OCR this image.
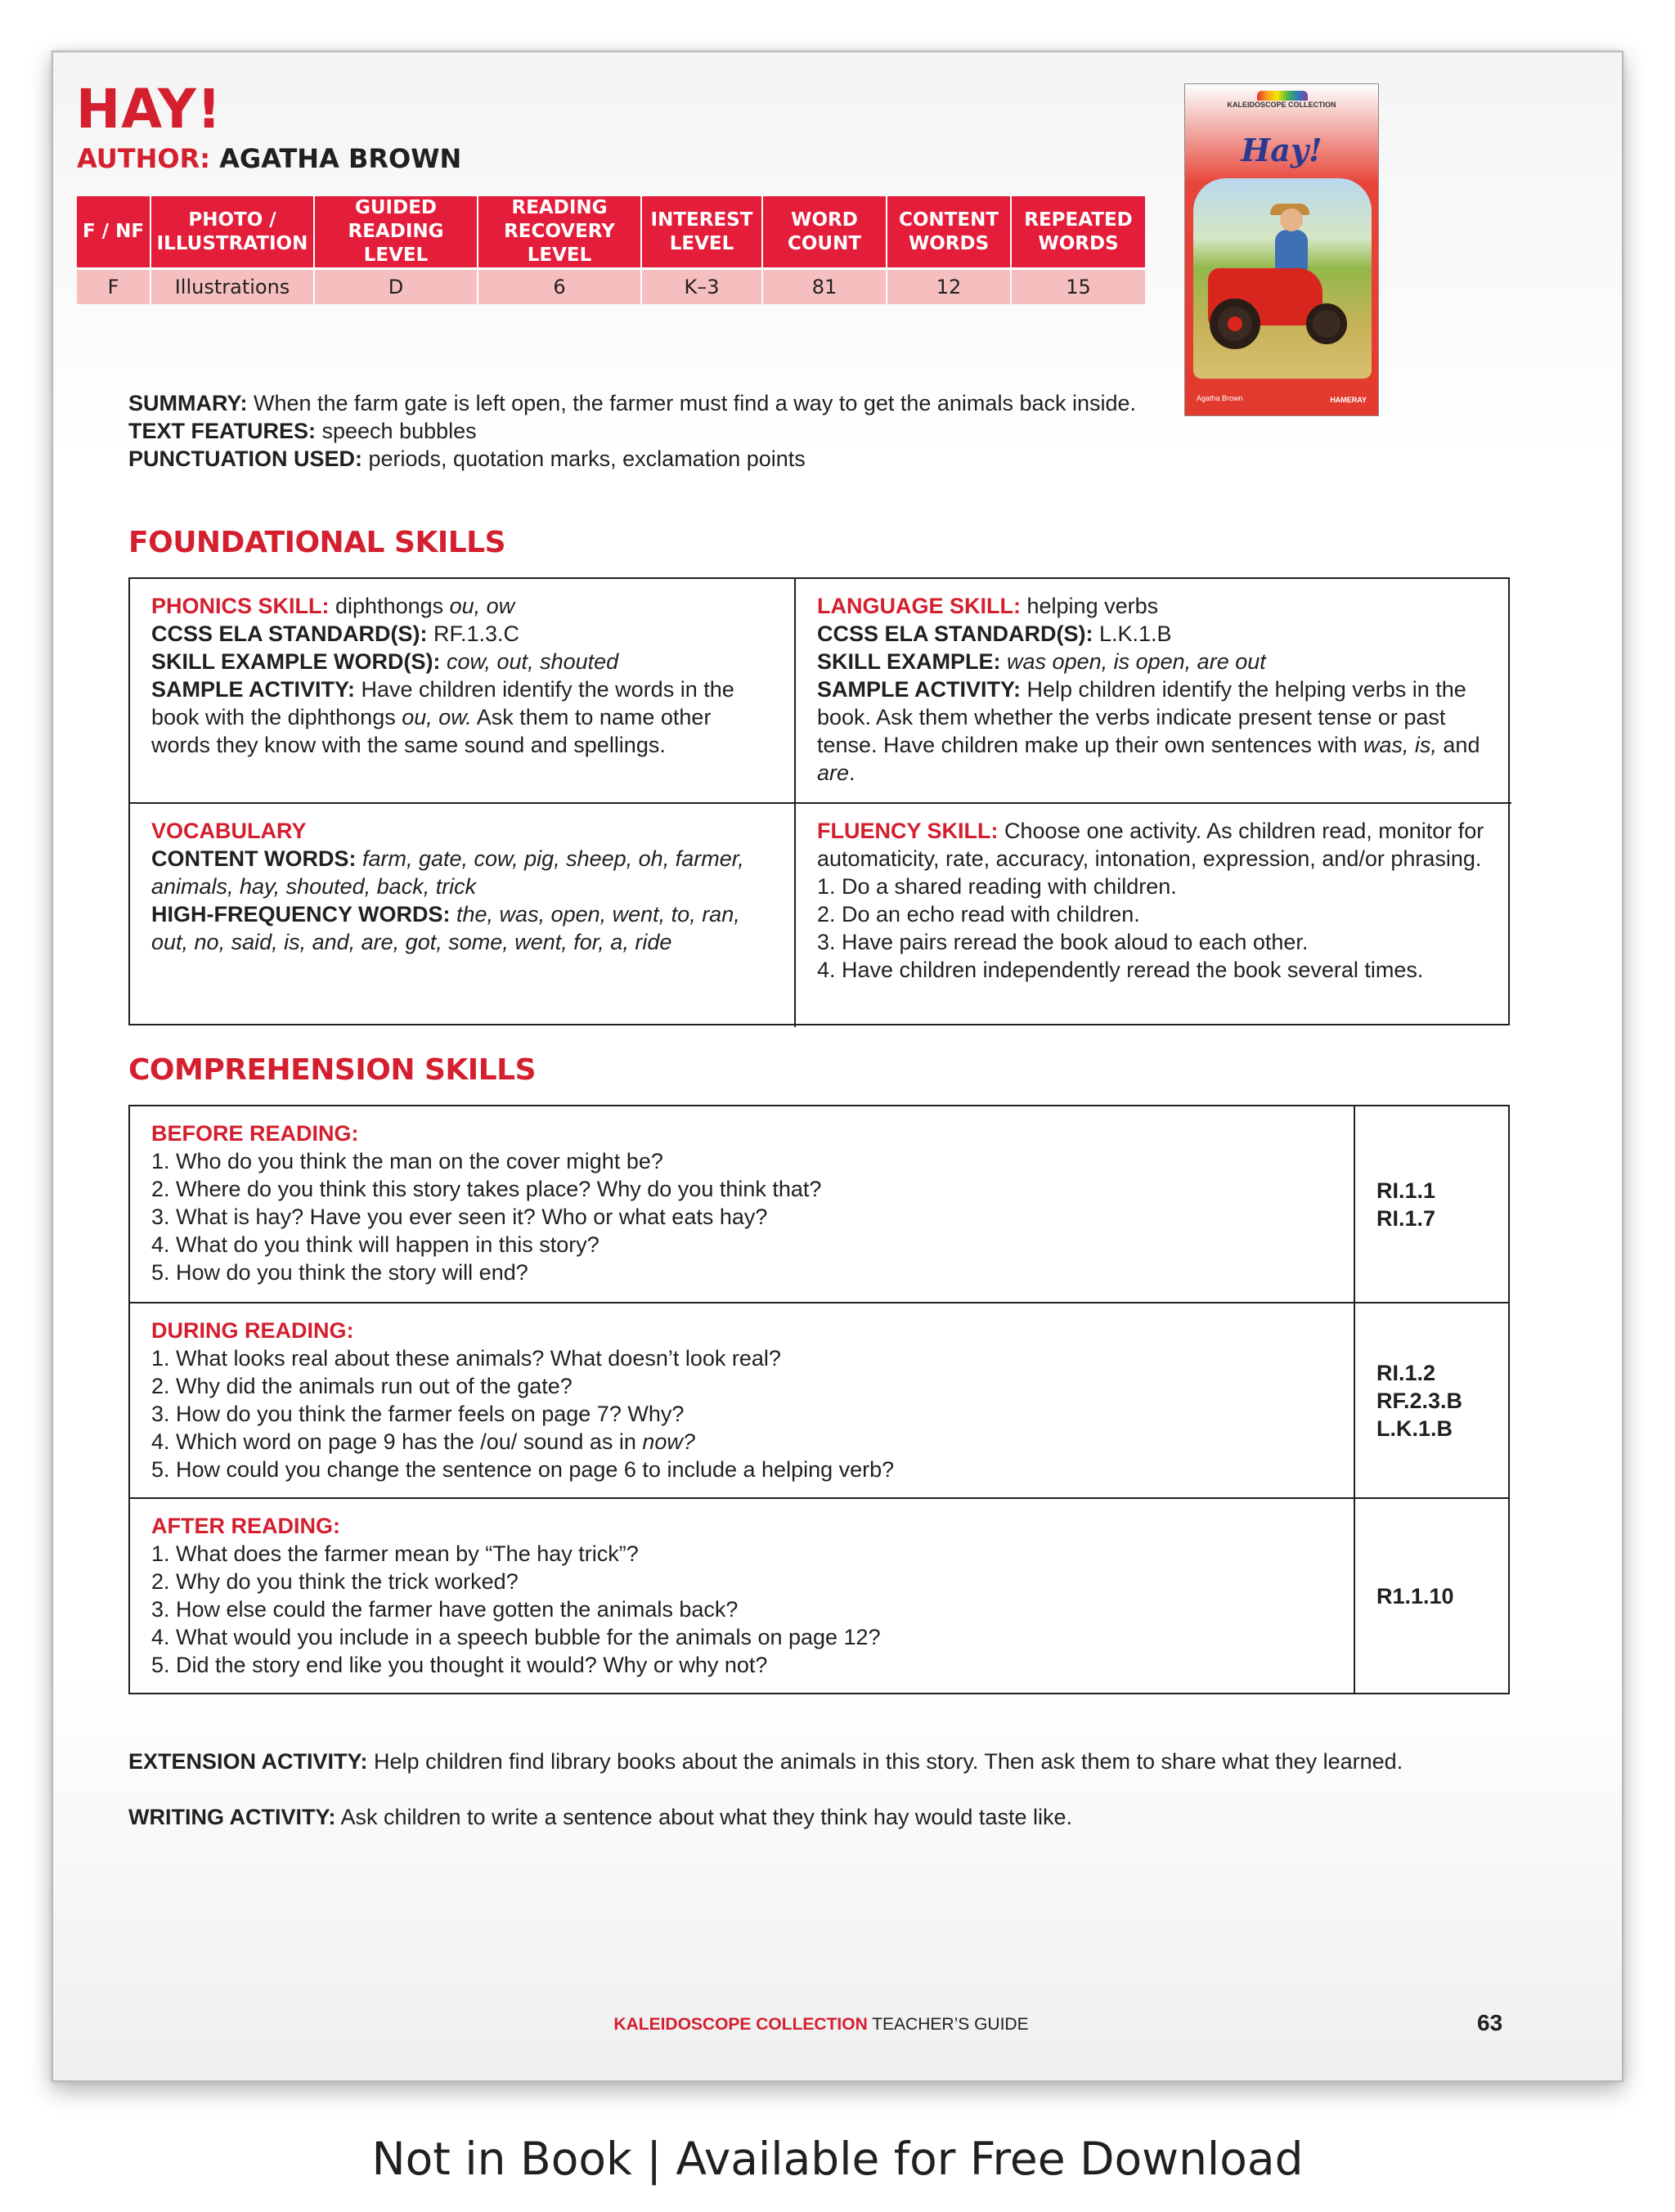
HAY!
AUTHOR: AGATHA BROWN
F / NF	PHOTO / ILLUSTRATION	GUIDED READING LEVEL	READING RECOVERY LEVEL	INTEREST LEVEL	WORD COUNT	CONTENT WORDS	REPEATED WORDS
F	Illustrations	D	6	K–3	81	12	15
KALEIDOSCOPE COLLECTION
Hay!
Agatha Brown	HAMERAY
SUMMARY: When the farm gate is left open, the farmer must find a way to get the animals back inside.
TEXT FEATURES: speech bubbles
PUNCTUATION USED: periods, quotation marks, exclamation points
FOUNDATIONAL SKILLS
PHONICS SKILL: diphthongs ou, ow
CCSS ELA STANDARD(S): RF.1.3.C
SKILL EXAMPLE WORD(S): cow, out, shouted
SAMPLE ACTIVITY: Have children identify the words in the book with the diphthongs ou, ow. Ask them to name other words they know with the same sound and spellings.
LANGUAGE SKILL: helping verbs
CCSS ELA STANDARD(S): L.K.1.B
SKILL EXAMPLE: was open, is open, are out
SAMPLE ACTIVITY: Help children identify the helping verbs in the book. Ask them whether the verbs indicate present tense or past tense. Have children make up their own sentences with was, is, and are.
VOCABULARY
CONTENT WORDS: farm, gate, cow, pig, sheep, oh, farmer, animals, hay, shouted, back, trick
HIGH-FREQUENCY WORDS: the, was, open, went, to, ran, out, no, said, is, and, are, got, some, went, for, a, ride
FLUENCY SKILL: Choose one activity. As children read, monitor for automaticity, rate, accuracy, intonation, expression, and/or phrasing.
1. Do a shared reading with children.
2. Do an echo read with children.
3. Have pairs reread the book aloud to each other.
4. Have children independently reread the book several times.
COMPREHENSION SKILLS
BEFORE READING:
1. Who do you think the man on the cover might be?
2. Where do you think this story takes place? Why do you think that?
3. What is hay? Have you ever seen it? Who or what eats hay?
4. What do you think will happen in this story?
5. How do you think the story will end?
RI.1.1
RI.1.7
DURING READING:
1. What looks real about these animals? What doesn’t look real?
2. Why did the animals run out of the gate?
3. How do you think the farmer feels on page 7? Why?
4. Which word on page 9 has the /ou/ sound as in now?
5. How could you change the sentence on page 6 to include a helping verb?
RI.1.2
RF.2.3.B
L.K.1.B
AFTER READING:
1. What does the farmer mean by “The hay trick”?
2. Why do you think the trick worked?
3. How else could the farmer have gotten the animals back?
4. What would you include in a speech bubble for the animals on page 12?
5. Did the story end like you thought it would? Why or why not?
R1.1.10

EXTENSION ACTIVITY: Help children find library books about the animals in this story. Then ask them to share what they learned.

WRITING ACTIVITY: Ask children to write a sentence about what they think hay would taste like.

KALEIDOSCOPE COLLECTION TEACHER’S GUIDE	63
Not in Book | Available for Free Download
